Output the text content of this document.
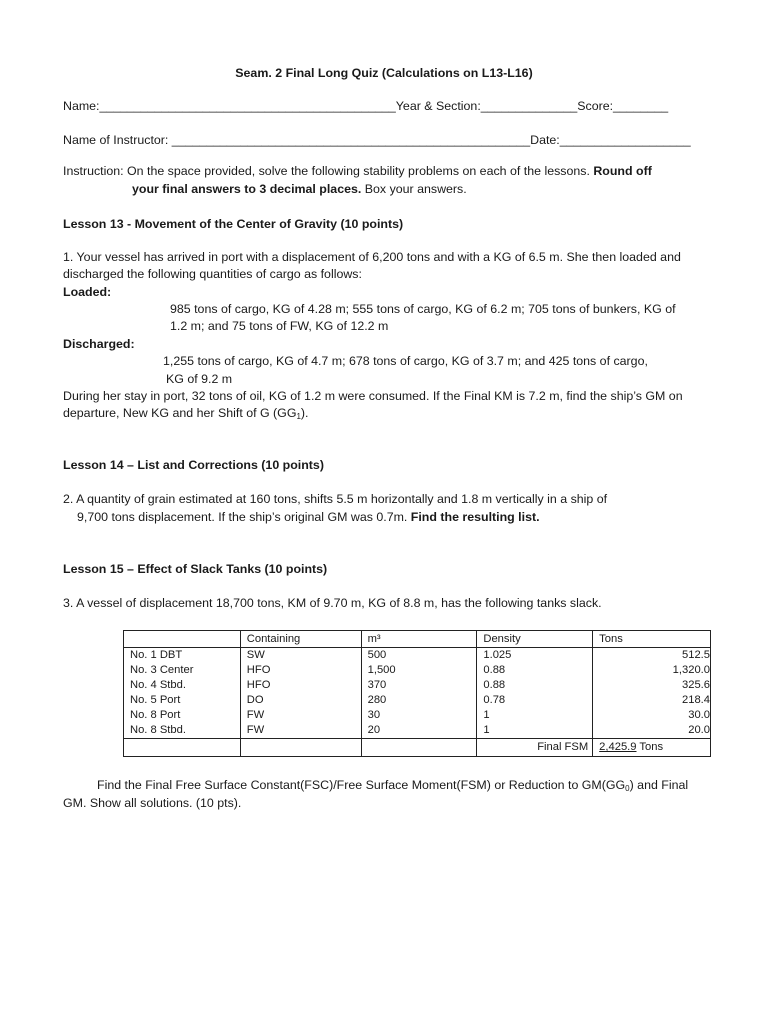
Seam. 2 Final Long Quiz (Calculations on L13-L16)
Name:___________________________________________Year & Section:______________Score:________
Name of Instructor: ____________________________________________________Date:___________________
Instruction: On the space provided, solve the following stability problems on each of the lessons. Round off
your final answers to 3 decimal places. Box your answers.
Lesson 13 - Movement of the Center of Gravity (10 points)
1. Your vessel has arrived in port with a displacement of 6,200 tons and with a KG of 6.5 m. She then loaded and
discharged the following quantities of cargo as follows:
Loaded:
985 tons of cargo, KG of 4.28 m; 555 tons of cargo, KG of 6.2 m; 705 tons of bunkers, KG of
1.2 m; and 75 tons of FW, KG of 12.2 m
Discharged:
1,255 tons of cargo, KG of 4.7 m; 678 tons of cargo, KG of 3.7 m; and 425 tons of cargo,
KG of 9.2 m
During her stay in port, 32 tons of oil, KG of 1.2 m were consumed. If the Final KM is 7.2 m, find the ship’s GM on
departure, New KG and her Shift of G $(GG_1)$.
Lesson 14 – List and Corrections (10 points)
2. A quantity of grain estimated at 160 tons, shifts 5.5 m horizontally and 1.8 m vertically in a ship of
9,700 tons displacement. If the ship’s original GM was 0.7m. Find the resulting list.
Lesson 15 – Effect of Slack Tanks (10 points)
3. A vessel of displacement 18,700 tons, KM of 9.70 m, KG of 8.8 m, has the following tanks slack.
	Containing	m³	Density	Tons
No. 1 DBT	SW	500	1.025	512.5
No. 3 Center	HFO	1,500	0.88	1,320.0
No. 4 Stbd.	HFO	370	0.88	325.6
No. 5 Port	DO	280	0.78	218.4
No. 8 Port	FW	30	1	30.0
No. 8 Stbd.	FW	20	1	20.0
			Final FSM	2,425.9 Tons
Find the Final Free Surface Constant(FSC)/Free Surface Moment(FSM) or Reduction to $GM(GG_0)$ and Final
GM. Show all solutions. (10 pts).
